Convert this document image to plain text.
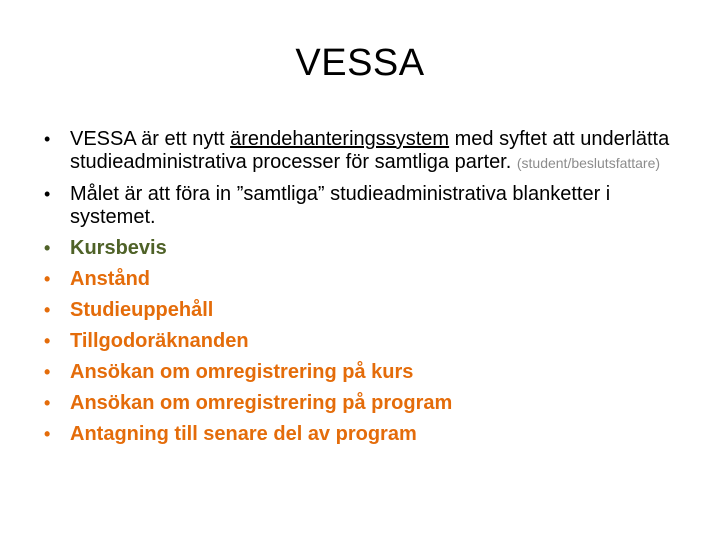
VESSA
• VESSA är ett nytt ärendehanteringssystem med syftet att underlätta studieadministrativa processer för samtliga parter. (student/beslutsfattare)
• Målet är att föra in ”samtliga” studieadministrativa blanketter i systemet.
• Kursbevis
• Anstånd
• Studieuppehåll
• Tillgodoräknanden
• Ansökan om omregistrering på kurs
• Ansökan om omregistrering på program
• Antagning till senare del av program
